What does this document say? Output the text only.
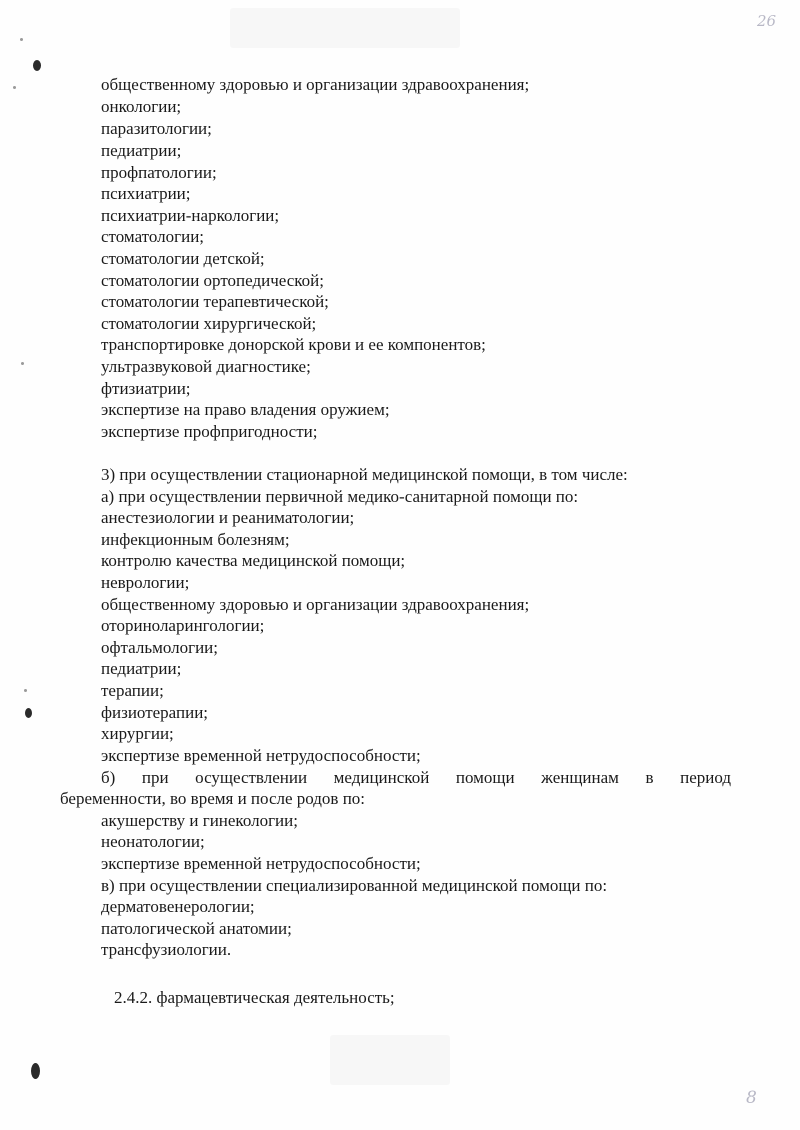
26
8
общественному здоровью и организации здравоохранения;
онкологии;
паразитологии;
педиатрии;
профпатологии;
психиатрии;
психиатрии-наркологии;
стоматологии;
стоматологии детской;
стоматологии ортопедической;
стоматологии терапевтической;
стоматологии хирургической;
транспортировке донорской крови и ее компонентов;
ультразвуковой диагностике;
фтизиатрии;
экспертизе на право владения оружием;
экспертизе профпригодности;
3) при осуществлении стационарной медицинской помощи, в том числе:
а) при осуществлении первичной медико-санитарной помощи по:
анестезиологии и реаниматологии;
инфекционным болезням;
контролю качества медицинской помощи;
неврологии;
общественному здоровью и организации здравоохранения;
оториноларингологии;
офтальмологии;
педиатрии;
терапии;
физиотерапии;
хирургии;
экспертизе временной нетрудоспособности;
б) при осуществлении медицинской помощи женщинам в период
беременности, во время и после родов по:
акушерству и гинекологии;
неонатологии;
экспертизе временной нетрудоспособности;
в) при осуществлении специализированной медицинской помощи по:
дерматовенерологии;
патологической анатомии;
трансфузиологии.
2.4.2. фармацевтическая деятельность;
